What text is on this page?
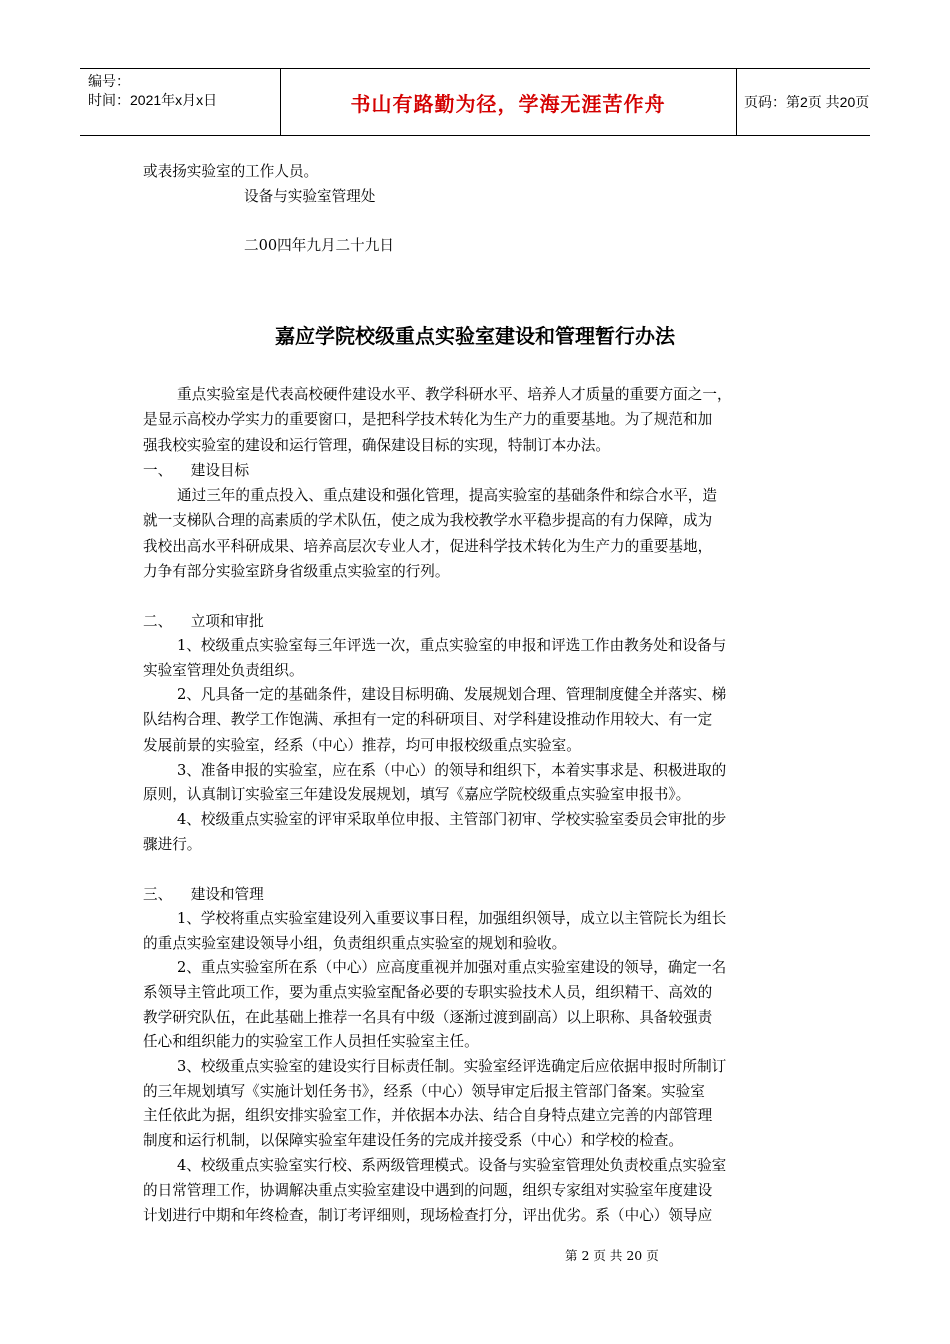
编号：
时间：2021年x月x日	书山有路勤为径，学海无涯苦作舟	页码：第2页 共20页
或表扬实验室的工作人员。
设备与实验室管理处
二00四年九月二十九日
嘉应学院校级重点实验室建设和管理暂行办法
重点实验室是代表高校硬件建设水平、教学科研水平、培养人才质量的重要方面之一，
是显示高校办学实力的重要窗口，是把科学技术转化为生产力的重要基地。为了规范和加
强我校实验室的建设和运行管理，确保建设目标的实现，特制订本办法。
一、    建设目标
通过三年的重点投入、重点建设和强化管理，提高实验室的基础条件和综合水平，造
就一支梯队合理的高素质的学术队伍，使之成为我校教学水平稳步提高的有力保障，成为
我校出高水平科研成果、培养高层次专业人才，促进科学技术转化为生产力的重要基地，
力争有部分实验室跻身省级重点实验室的行列。
二、    立项和审批
1、校级重点实验室每三年评选一次，重点实验室的申报和评选工作由教务处和设备与
实验室管理处负责组织。
2、凡具备一定的基础条件，建设目标明确、发展规划合理、管理制度健全并落实、梯
队结构合理、教学工作饱满、承担有一定的科研项目、对学科建设推动作用较大、有一定
发展前景的实验室，经系（中心）推荐，均可申报校级重点实验室。
3、准备申报的实验室，应在系（中心）的领导和组织下，本着实事求是、积极进取的
原则，认真制订实验室三年建设发展规划，填写《嘉应学院校级重点实验室申报书》。
4、校级重点实验室的评审采取单位申报、主管部门初审、学校实验室委员会审批的步
骤进行。
三、    建设和管理
1、学校将重点实验室建设列入重要议事日程，加强组织领导，成立以主管院长为组长
的重点实验室建设领导小组，负责组织重点实验室的规划和验收。
2、重点实验室所在系（中心）应高度重视并加强对重点实验室建设的领导，确定一名
系领导主管此项工作，要为重点实验室配备必要的专职实验技术人员，组织精干、高效的
教学研究队伍，在此基础上推荐一名具有中级（逐渐过渡到副高）以上职称、具备较强责
任心和组织能力的实验室工作人员担任实验室主任。
3、校级重点实验室的建设实行目标责任制。实验室经评选确定后应依据申报时所制订
的三年规划填写《实施计划任务书》，经系（中心）领导审定后报主管部门备案。实验室
主任依此为据，组织安排实验室工作，并依据本办法、结合自身特点建立完善的内部管理
制度和运行机制，以保障实验室年建设任务的完成并接受系（中心）和学校的检查。
4、校级重点实验室实行校、系两级管理模式。设备与实验室管理处负责校重点实验室
的日常管理工作，协调解决重点实验室建设中遇到的问题，组织专家组对实验室年度建设
计划进行中期和年终检查，制订考评细则，现场检查打分，评出优劣。系（中心）领导应
第 2 页 共 20 页
